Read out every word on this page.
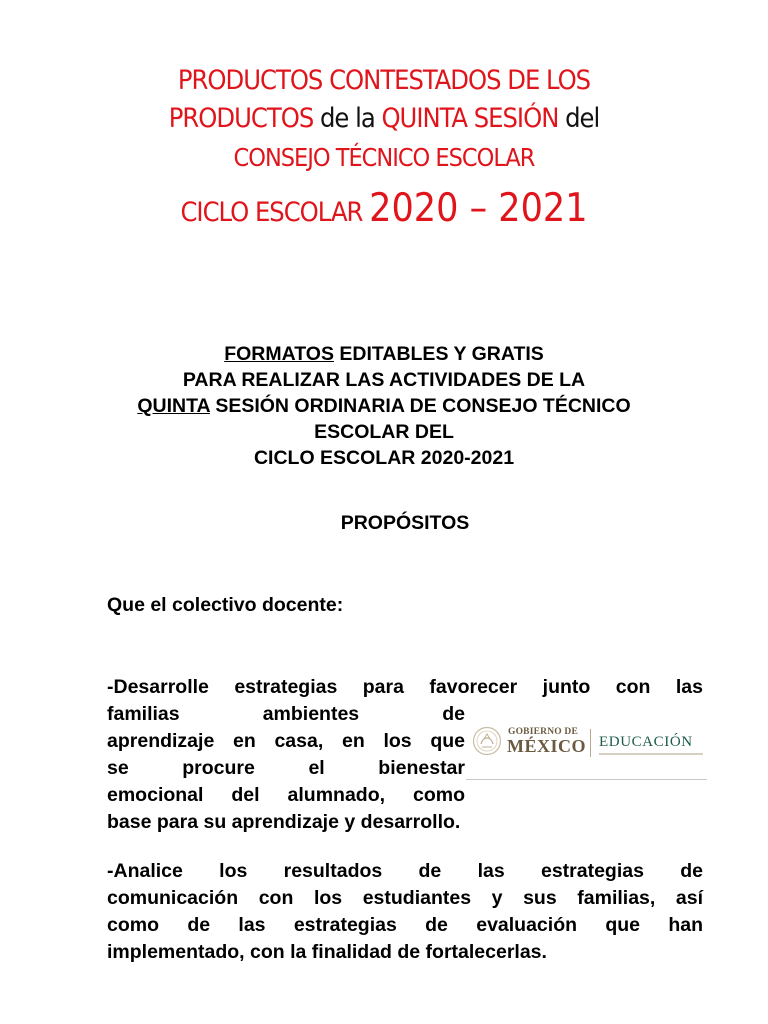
PRODUCTOS CONTESTADOS DE LOS
PRODUCTOS de la QUINTA SESIÓN del
CONSEJO TÉCNICO ESCOLAR
CICLO ESCOLAR 2020 – 2021
FORMATOS EDITABLES Y GRATIS
PARA REALIZAR LAS ACTIVIDADES DE LA
QUINTA SESIÓN ORDINARIA DE CONSEJO TÉCNICO
ESCOLAR DEL
CICLO ESCOLAR 2020-2021
PROPÓSITOS
Que el colectivo docente:
-Desarrolle estrategias para favorecer junto con las
familias ambientes de
aprendizaje en casa, en los que
se procure el bienestar
emocional del alumnado, como
base para su aprendizaje y desarrollo.
GOBIERNO DE
MÉXICO EDUCACIÓN
-Analice los resultados de las estrategias de
comunicación con los estudiantes y sus familias, así
como de las estrategias de evaluación que han
implementado, con la finalidad de fortalecerlas.
